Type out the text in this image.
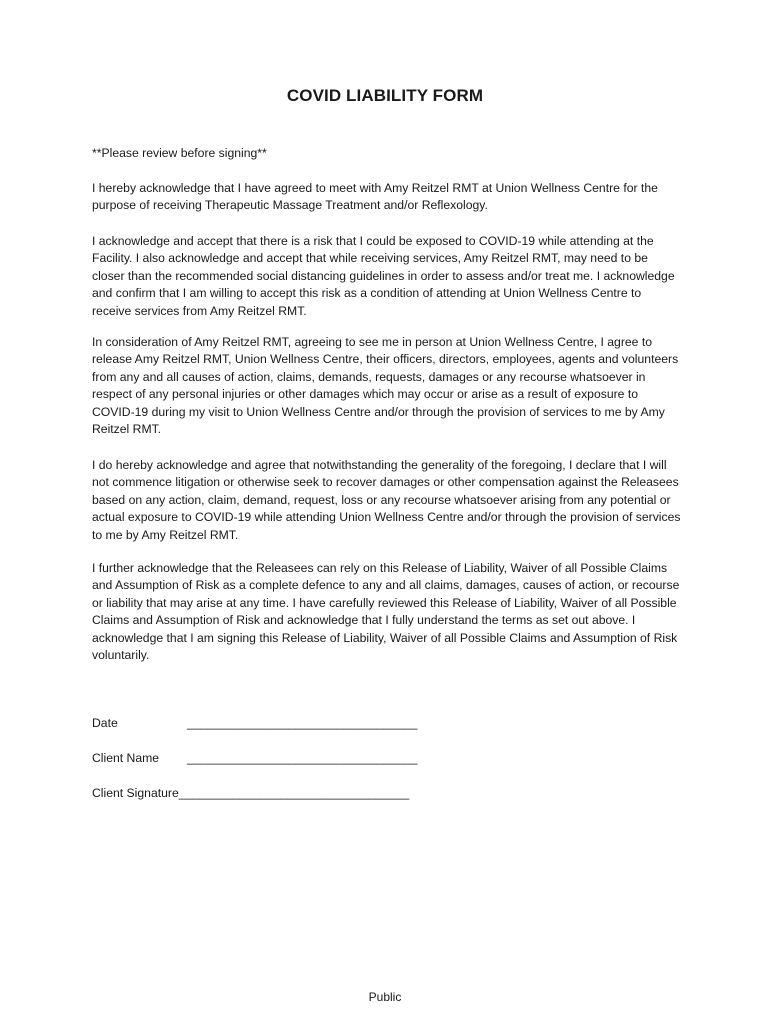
COVID LIABILITY FORM

**Please review before signing**

I hereby acknowledge that I have agreed to meet with Amy Reitzel RMT at Union Wellness Centre for the purpose of receiving Therapeutic Massage Treatment and/or Reflexology.

I acknowledge and accept that there is a risk that I could be exposed to COVID-19 while attending at the Facility. I also acknowledge and accept that while receiving services, Amy Reitzel RMT, may need to be closer than the recommended social distancing guidelines in order to assess and/or treat me. I acknowledge and confirm that I am willing to accept this risk as a condition of attending at Union Wellness Centre to receive services from Amy Reitzel RMT.

In consideration of Amy Reitzel RMT, agreeing to see me in person at Union Wellness Centre, I agree to release Amy Reitzel RMT, Union Wellness Centre, their officers, directors, employees, agents and volunteers from any and all causes of action, claims, demands, requests, damages or any recourse whatsoever in respect of any personal injuries or other damages which may occur or arise as a result of exposure to COVID-19 during my visit to Union Wellness Centre and/or through the provision of services to me by Amy Reitzel RMT.

I do hereby acknowledge and agree that notwithstanding the generality of the foregoing, I declare that I will not commence litigation or otherwise seek to recover damages or other compensation against the Releasees based on any action, claim, demand, request, loss or any recourse whatsoever arising from any potential or actual exposure to COVID-19 while attending Union Wellness Centre and/or through the provision of services to me by Amy Reitzel RMT.

I further acknowledge that the Releasees can rely on this Release of Liability, Waiver of all Possible Claims and Assumption of Risk as a complete defence to any and all claims, damages, causes of action, or recourse or liability that may arise at any time. I have carefully reviewed this Release of Liability, Waiver of all Possible Claims and Assumption of Risk and acknowledge that I fully understand the terms as set out above. I acknowledge that I am signing this Release of Liability, Waiver of all Possible Claims and Assumption of Risk voluntarily.

Date	__________________________________
Client Name __________________________________
Client Signature__________________________________
Public
